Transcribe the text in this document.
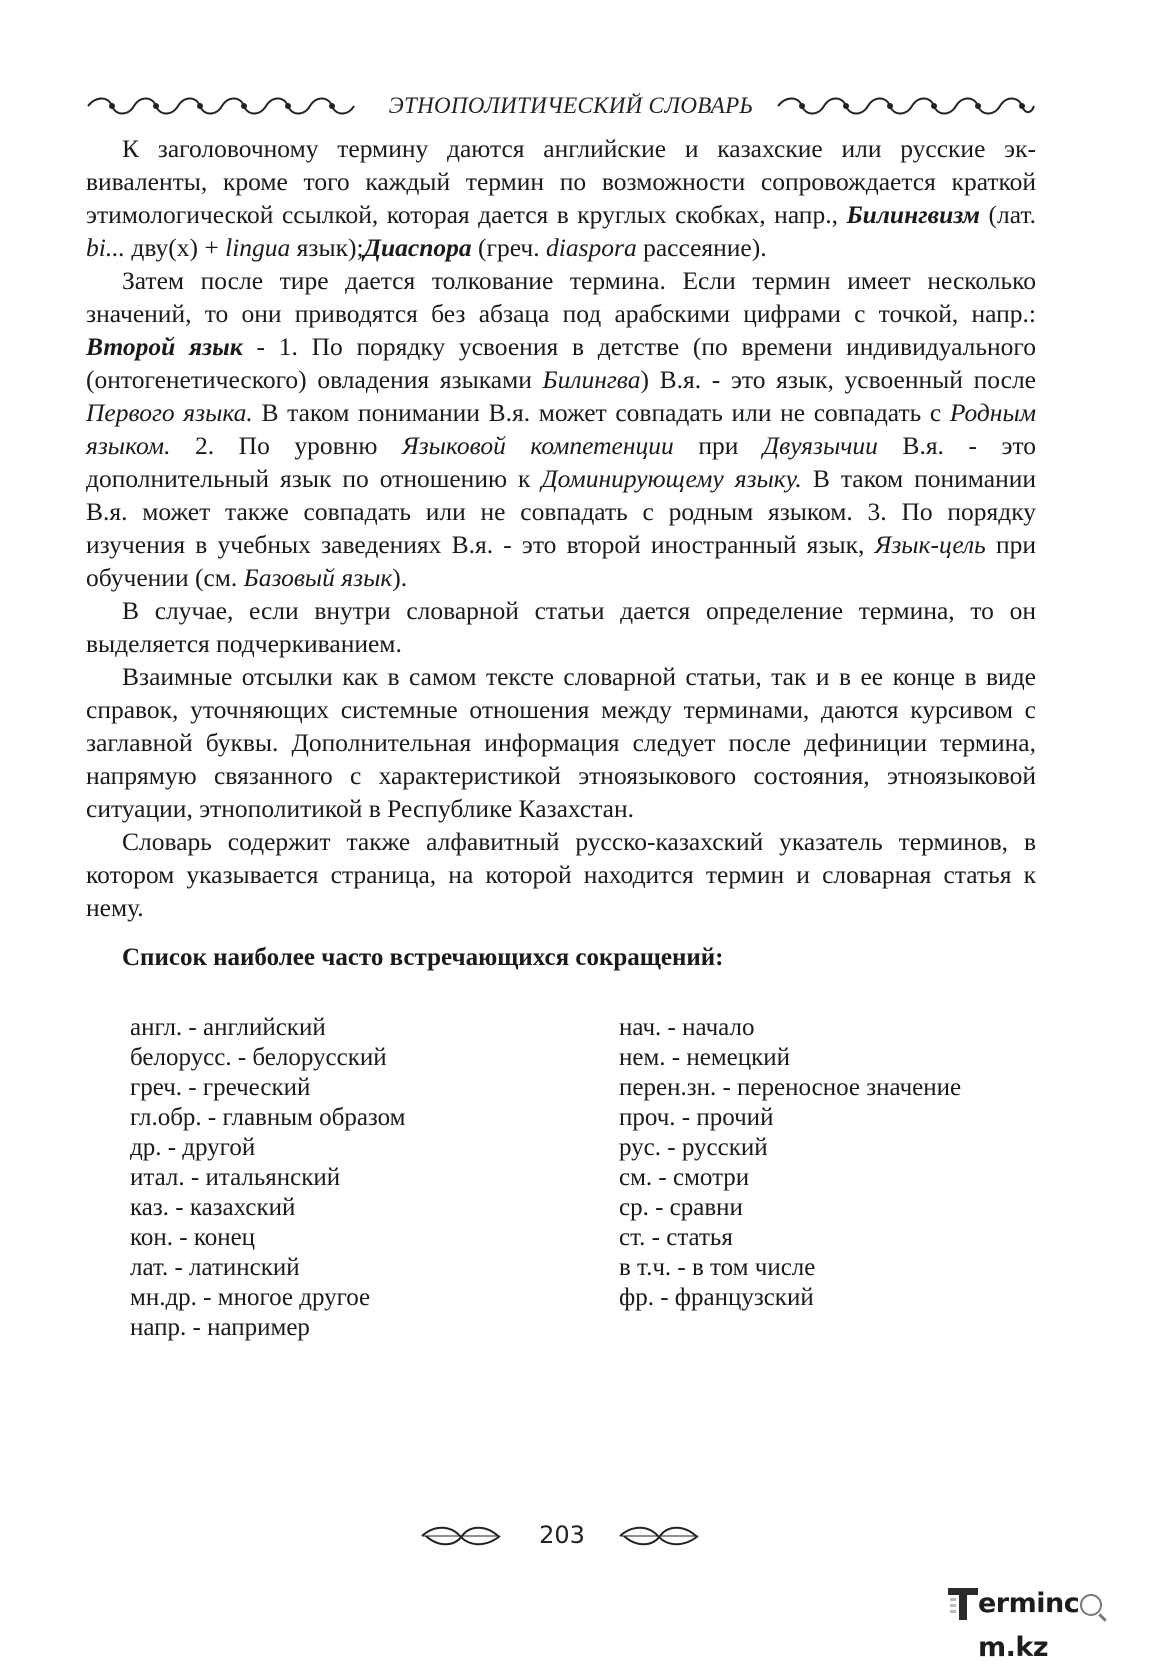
ЭТНОПОЛИТИЧЕСКИЙ СЛОВАРЬ

К заголовочному термину даются английские и казахские или русские эквиваленты, кроме того каждый термин по возможности сопровождается краткой этимологической ссылкой, которая дается в круглых скобках, напр., Билингвизм (лат. bi... дву(х) + lingua язык);Диаспора (греч. diaspora рассеяние).

Затем после тире дается толкование термина. Если термин имеет несколько значений, то они приводятся без абзаца под арабскими цифрами с точкой, напр.: Второй язык - 1. По порядку усвоения в детстве (по времени индивидуального (онтогенетического) овладения языками Билингва) В.я. - это язык, усвоенный после Первого языка. В таком понимании В.я. может совпадать или не совпадать с Родным языком. 2. По уровню Языковой компетенции при Двуязычии В.я. - это дополнительный язык по отношению к Доминирующему языку. В таком понимании В.я. может также совпадать или не совпадать с родным языком. 3. По порядку изучения в учебных заведениях В.я. - это второй иностранный язык, Язык-цель при обучении (см. Базовый язык).

В случае, если внутри словарной статьи дается определение термина, то он выделяется подчеркиванием.

Взаимные отсылки как в самом тексте словарной статьи, так и в ее конце в виде справок, уточняющих системные отношения между терминами, даются курсивом с заглавной буквы. Дополнительная информация следует после дефиниции термина, напрямую связанного с характеристикой этноязыкового состояния, этноязыковой ситуации, этнополитикой в Республике Казахстан.

Словарь содержит также алфавитный русско-казахский указатель терминов, в котором указывается страница, на которой находится термин и словарная статья к нему.

Список наиболее часто встречающихся сокращений:
англ. - английский
белорусс. - белорусский
греч. - греческий
гл.обр. - главным образом
др. - другой
итал. - итальянский
каз. - казахский
кон. - конец
лат. - латинский
мн.др. - многое другое
напр. - например
нач. - начало
нем. - немецкий
перен.зн. - переносное значение
проч. - прочий
рус. - русский
см. - смотри
ср. - сравни
ст. - статья
в т.ч. - в том числе
фр. - французский
203
erminc
m.kz
